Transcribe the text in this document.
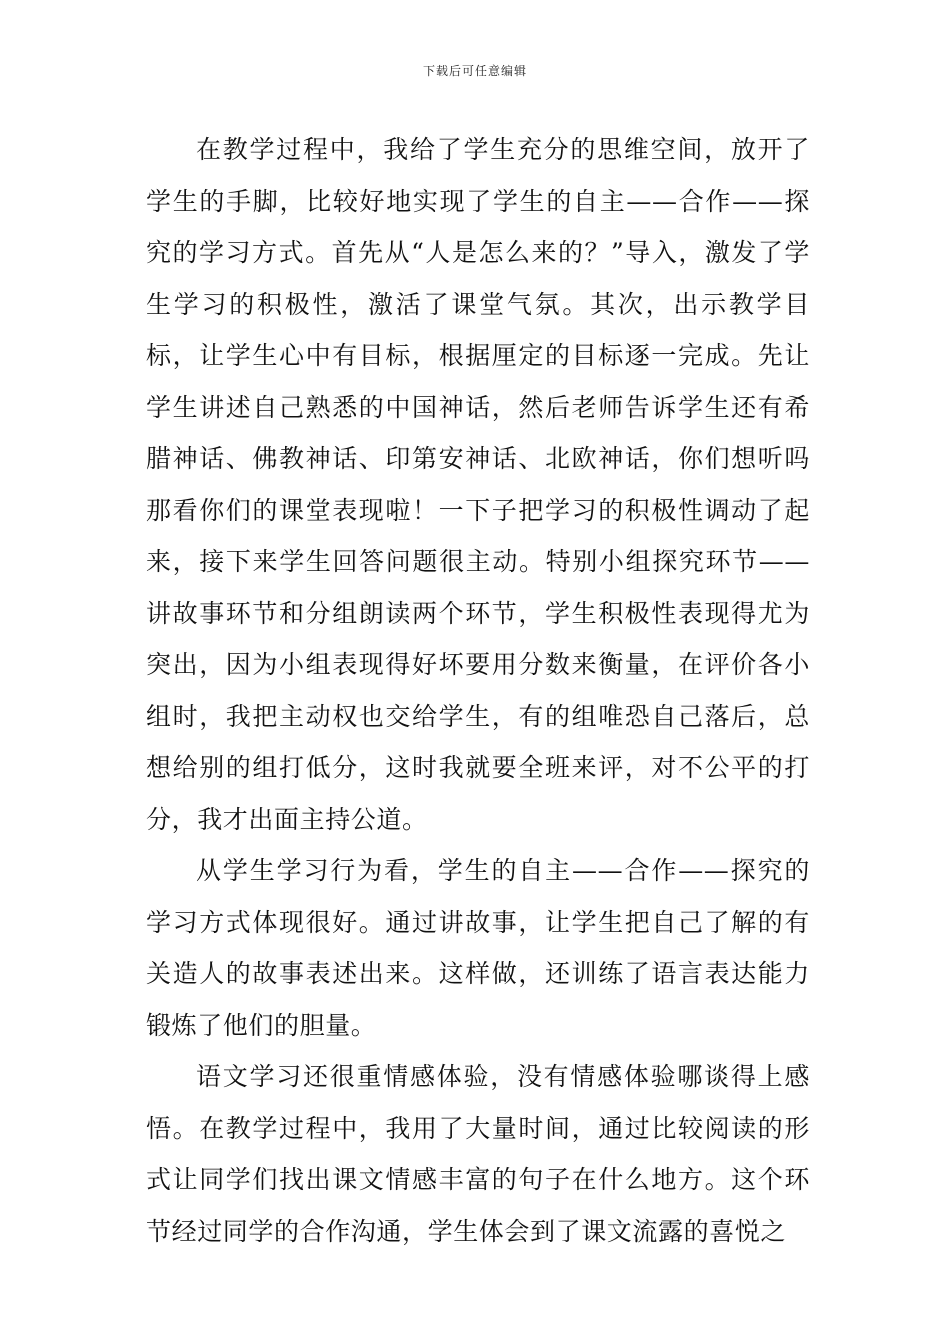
下载后可任意编辑

在教学过程中，我给了学生充分的思维空间，放开了学生的手脚，比较好地实现了学生的自主——合作——探究的学习方式。首先从“人是怎么来的？”导入，激发了学生学习的积极性，激活了课堂气氛。其次，出示教学目标，让学生心中有目标，根据厘定的目标逐一完成。先让学生讲述自己熟悉的中国神话，然后老师告诉学生还有希腊神话、佛教神话、印第安神话、北欧神话，你们想听吗那看你们的课堂表现啦！一下子把学习的积极性调动了起来，接下来学生回答问题很主动。特别小组探究环节——讲故事环节和分组朗读两个环节，学生积极性表现得尤为突出，因为小组表现得好坏要用分数来衡量，在评价各小组时，我把主动权也交给学生，有的组唯恐自己落后，总想给别的组打低分，这时我就要全班来评，对不公平的打分，我才出面主持公道。

从学生学习行为看，学生的自主——合作——探究的学习方式体现很好。通过讲故事，让学生把自己了解的有关造人的故事表述出来。这样做，还训练了语言表达能力锻炼了他们的胆量。

语文学习还很重情感体验，没有情感体验哪谈得上感悟。在教学过程中，我用了大量时间，通过比较阅读的形式让同学们找出课文情感丰富的句子在什么地方。这个环节经过同学的合作沟通，学生体会到了课文流露的喜悦之
